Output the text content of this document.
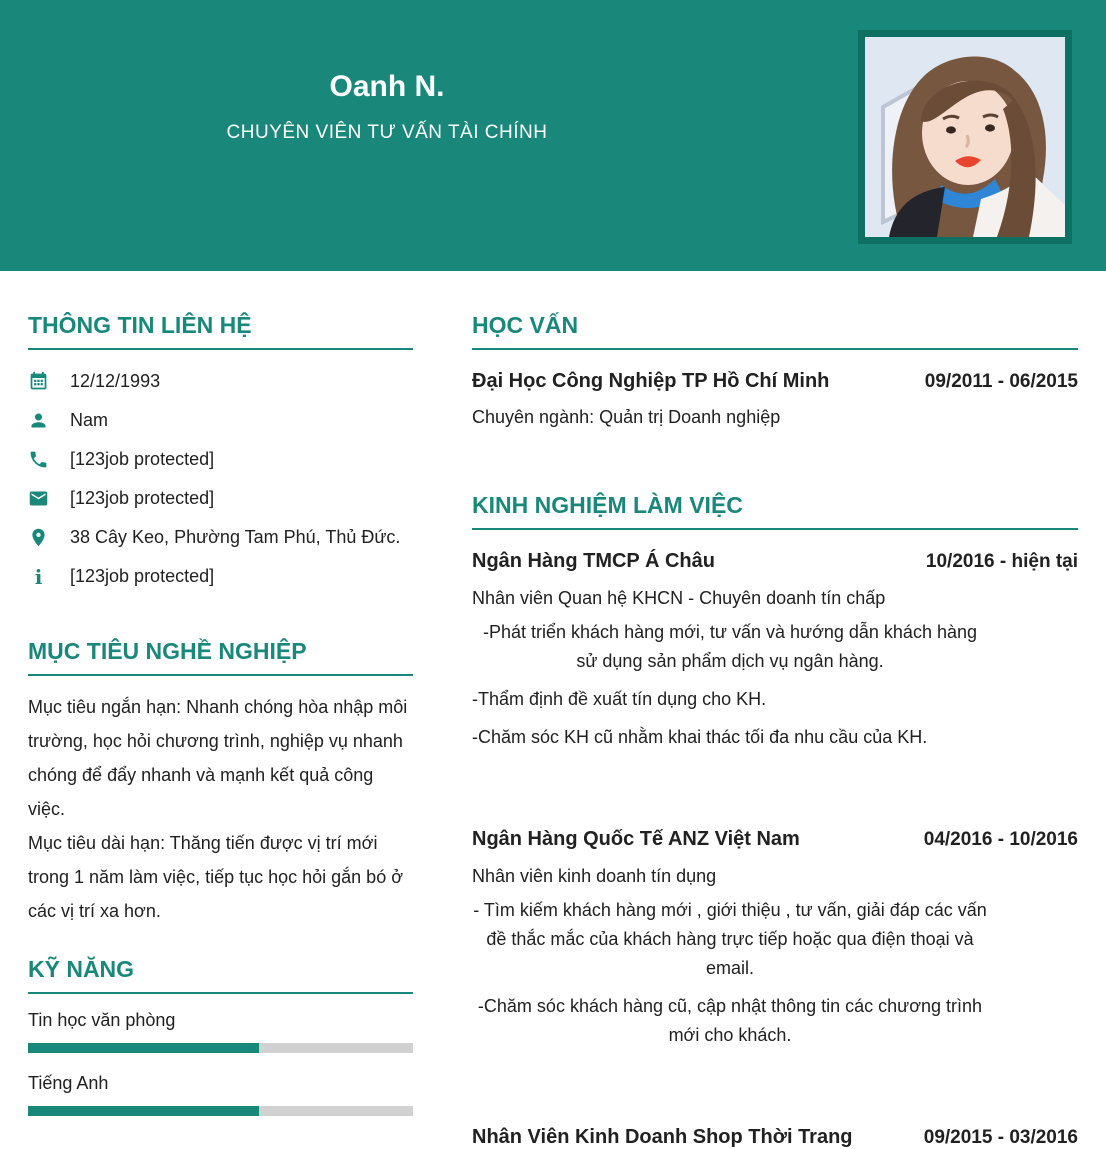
Oanh N.
CHUYÊN VIÊN TƯ VẤN TÀI CHÍNH
THÔNG TIN LIÊN HỆ
12/12/1993
Nam
[123job protected]
[123job protected]
38 Cây Keo, Phường Tam Phú, Thủ Đức.
i [123job protected]
MỤC TIÊU NGHỀ NGHIỆP

Mục tiêu ngắn hạn: Nhanh chóng hòa nhập môi trường, học hỏi chương trình, nghiệp vụ nhanh chóng để đẩy nhanh và mạnh kết quả công việc.

Mục tiêu dài hạn: Thăng tiến được vị trí mới trong 1 năm làm việc, tiếp tục học hỏi gắn bó ở các vị trí xa hơn.

KỸ NĂNG
Tin học văn phòng
Tiếng Anh
HỌC VẤN
Đại Học Công Nghiệp TP Hồ Chí Minh	09/2011 - 06/2015
Chuyên ngành: Quản trị Doanh nghiệp
KINH NGHIỆM LÀM VIỆC
Ngân Hàng TMCP Á Châu	10/2016 - hiện tại
Nhân viên Quan hệ KHCN - Chuyên doanh tín chấp
-Phát triển khách hàng mới, tư vấn và hướng dẫn khách hàng sử dụng sản phẩm dịch vụ ngân hàng.
-Thẩm định đề xuất tín dụng cho KH.
-Chăm sóc KH cũ nhằm khai thác tối đa nhu cầu của KH.
Ngân Hàng Quốc Tế ANZ Việt Nam	04/2016 - 10/2016
Nhân viên kinh doanh tín dụng
- Tìm kiếm khách hàng mới , giới thiệu , tư vấn, giải đáp các vấn đề thắc mắc của khách hàng trực tiếp hoặc qua điện thoại và email.
-Chăm sóc khách hàng cũ, cập nhật thông tin các chương trình mới cho khách.
Nhân Viên Kinh Doanh Shop Thời Trang	09/2015 - 03/2016
